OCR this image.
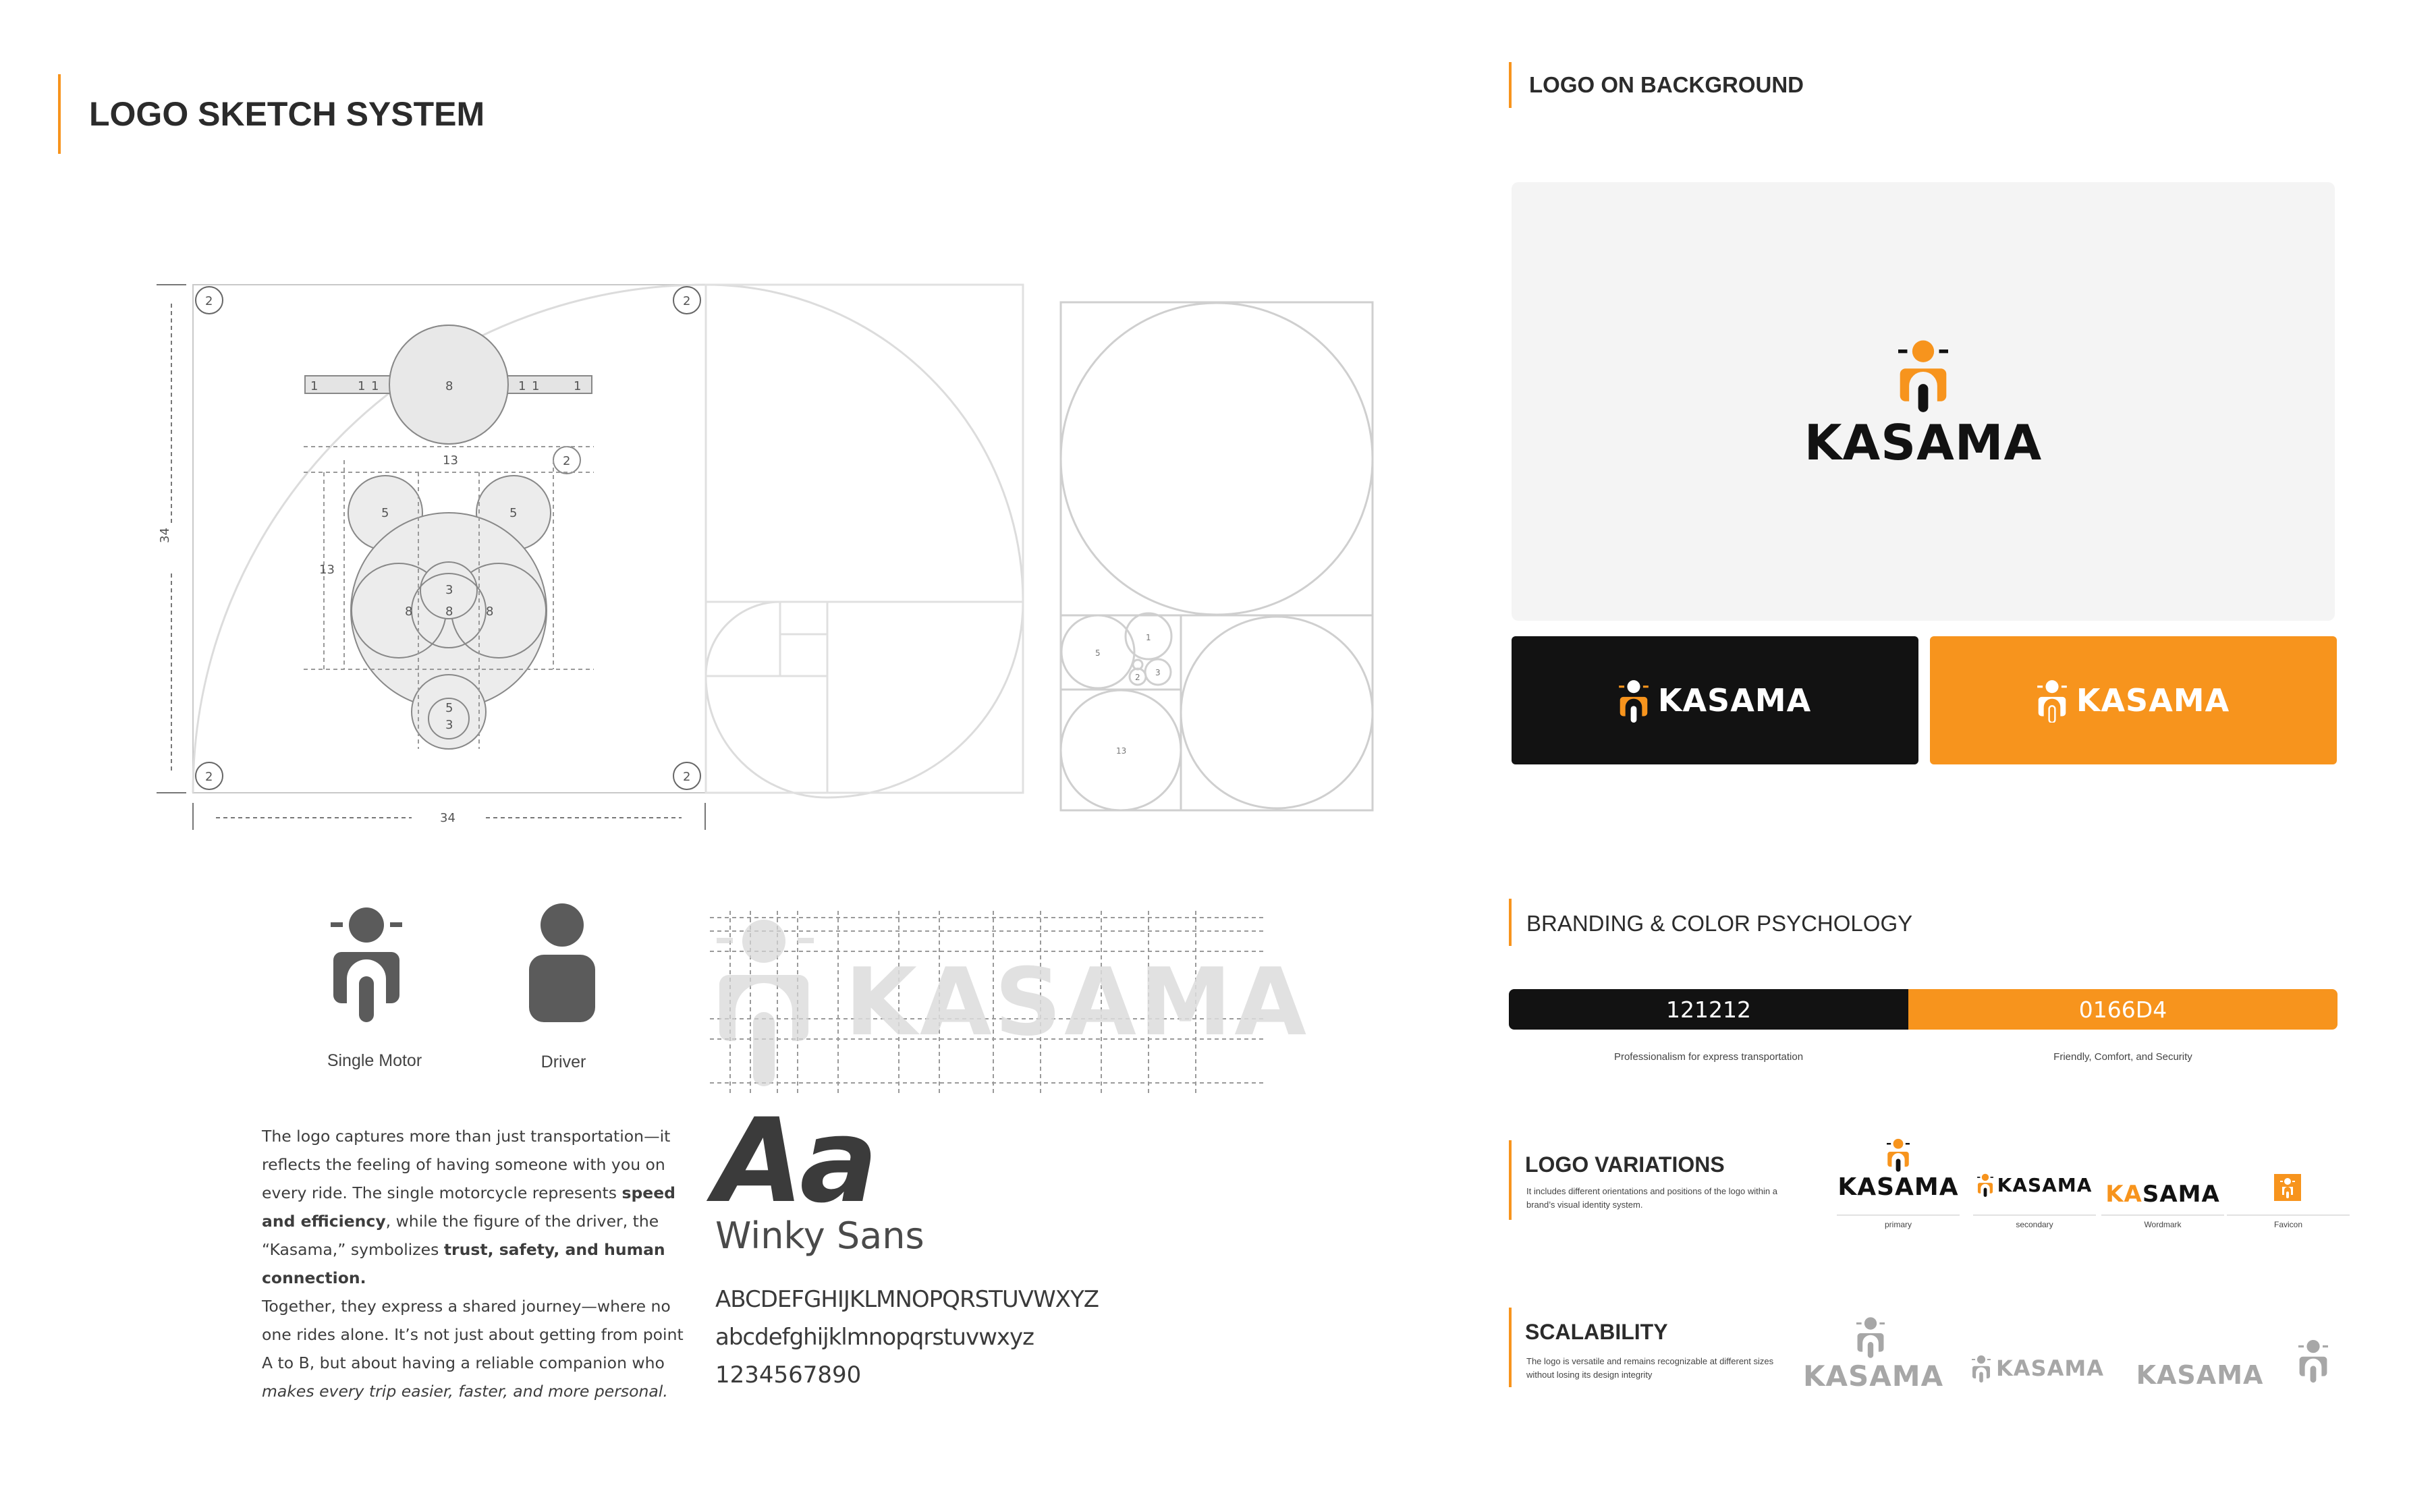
LOGO SKETCH SYSTEM
34
34
2	2
2	2
1	1 1	8	1 1	1
13
13
5	5
3
8	8	8
5
3
2
5
1
2 3
13
Single Motor	Driver
KASAMA
The logo captures more than just transportation—it reflects the feeling of having someone with you on every ride. The single motorcycle represents speed and efficiency, while the figure of the driver, the “Kasama,” symbolizes trust, safety, and human connection.
Together, they express a shared journey—where no one rides alone. It’s not just about getting from point A to B, but about having a reliable companion who makes every trip easier, faster, and more personal.
Aa
Winky Sans
ABCDEFGHIJKLMNOPQRSTUVWXYZ
abcdefghijklmnopqrstuvwxyz
1234567890
LOGO ON BACKGROUND
KASAMA
KASAMA	KASAMA
BRANDING & COLOR PSYCHOLOGY
121212	0166D4
Professionalism for express transportation	Friendly, Comfort, and Security
LOGO VARIATIONS
It includes different orientations and positions of the logo within a brand’s visual identity system.
KASAMA
primary
KASAMA
secondary
KASAMA
Wordmark	Favicon
SCALABILITY
The logo is versatile and remains recognizable at different sizes without losing its design integrity	KASAMA KASAMA KASAMA
